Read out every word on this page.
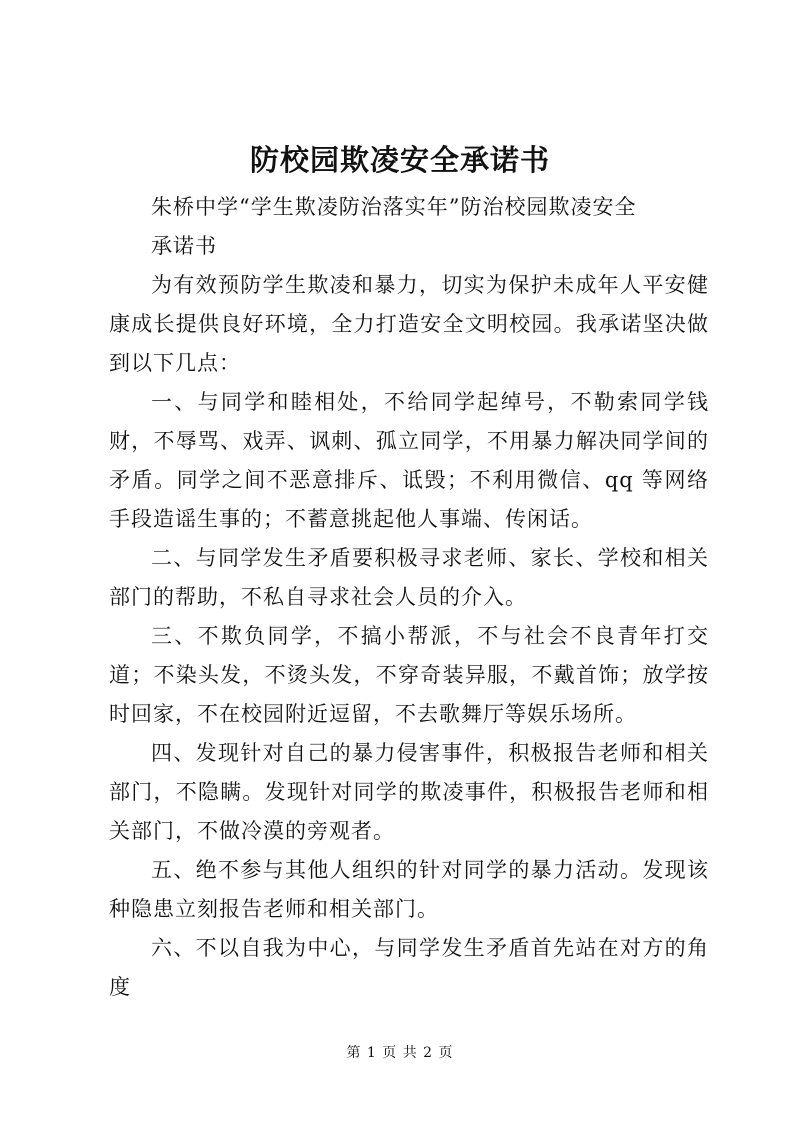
防校园欺凌安全承诺书

朱桥中学“学生欺凌防治落实年”防治校园欺凌安全

承诺书

为有效预防学生欺凌和暴力，切实为保护未成年人平安健康成长提供良好环境，全力打造安全文明校园。我承诺坚决做到以下几点：

一、与同学和睦相处，不给同学起绰号，不勒索同学钱财，不辱骂、戏弄、讽刺、孤立同学，不用暴力解决同学间的矛盾。同学之间不恶意排斥、诋毁；不利用微信、qq 等网络手段造谣生事的；不蓄意挑起他人事端、传闲话。

二、与同学发生矛盾要积极寻求老师、家长、学校和相关部门的帮助，不私自寻求社会人员的介入。

三、不欺负同学，不搞小帮派，不与社会不良青年打交道；不染头发，不烫头发，不穿奇装异服，不戴首饰；放学按时回家，不在校园附近逗留，不去歌舞厅等娱乐场所。

四、发现针对自己的暴力侵害事件，积极报告老师和相关部门，不隐瞒。发现针对同学的欺凌事件，积极报告老师和相关部门，不做冷漠的旁观者。

五、绝不参与其他人组织的针对同学的暴力活动。发现该种隐患立刻报告老师和相关部门。

六、不以自我为中心，与同学发生矛盾首先站在对方的角度

第 1 页 共 2 页
